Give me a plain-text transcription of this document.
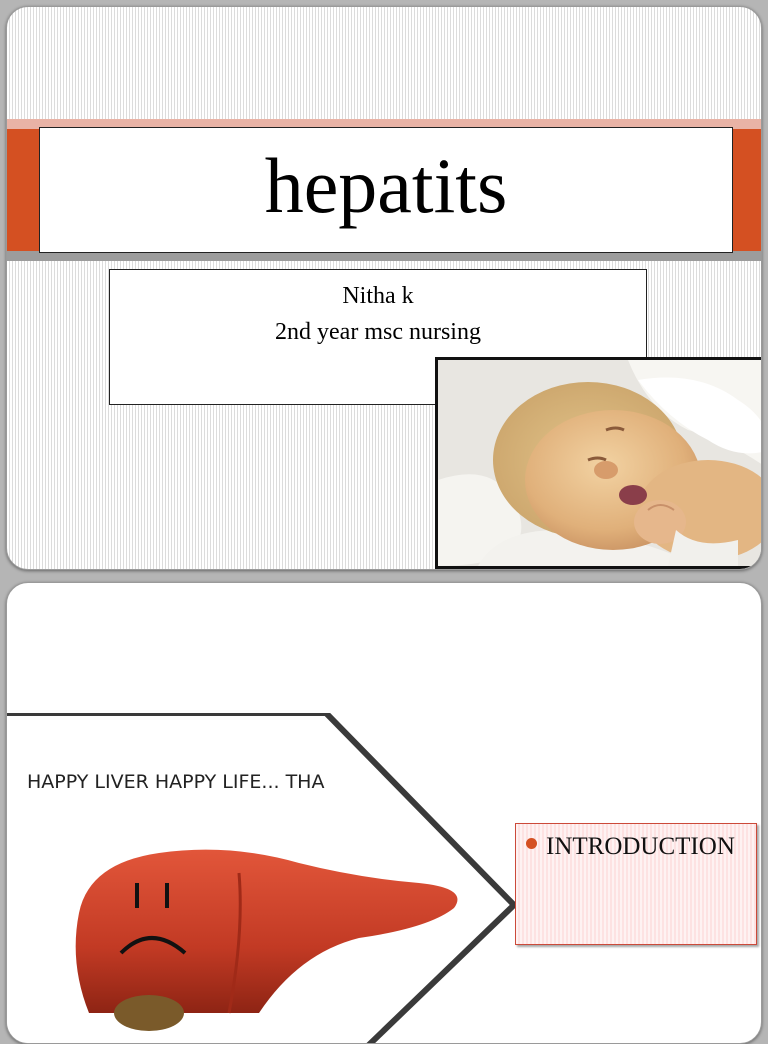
hepatits
Nitha k
2nd year msc nursing
HAPPY LIVER HAPPY LIFE... THA
INTRODUCTION
